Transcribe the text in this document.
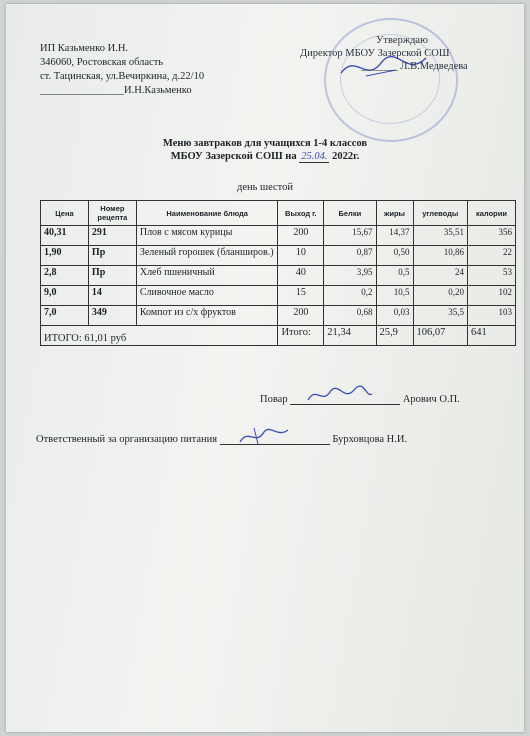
ИП Казьменко И.Н.
346060, Ростовская область
ст. Тацинская, ул.Вечиркина, д.22/10
________________И.Н.Казьменко
Утверждаю
Директор МБОУ Зазерской СОШ
_______ Л.В.Медведева
Меню завтраков для учащихся 1-4 классов
МБОУ Зазерской СОШ на 25.04. 2022г.
день шестой
Цена	Номер рецепта	Наименование блюда	Выход г.	Белки	жиры	углеводы	калории
40,31	291	Плов с мясом курицы	200	15,67	14,37	35,51	356
1,90	Пр	Зеленый горошек (бланширов.)	10	0,87	0,50	10,86	22
2,8	Пр	Хлеб пшеничный	40	3,95	0,5	24	53
9,0	14	Сливочное масло	15	0,2	10,5	0,20	102
7,0	349	Компот из с/х фруктов	200	0,68	0,03	35,5	103
ИТОГО: 61,01 руб			Итого:	21,34	25,9	106,07	641
Повар	Арович О.П.
Ответственный за организацию питания	Бурховцова Н.И.
